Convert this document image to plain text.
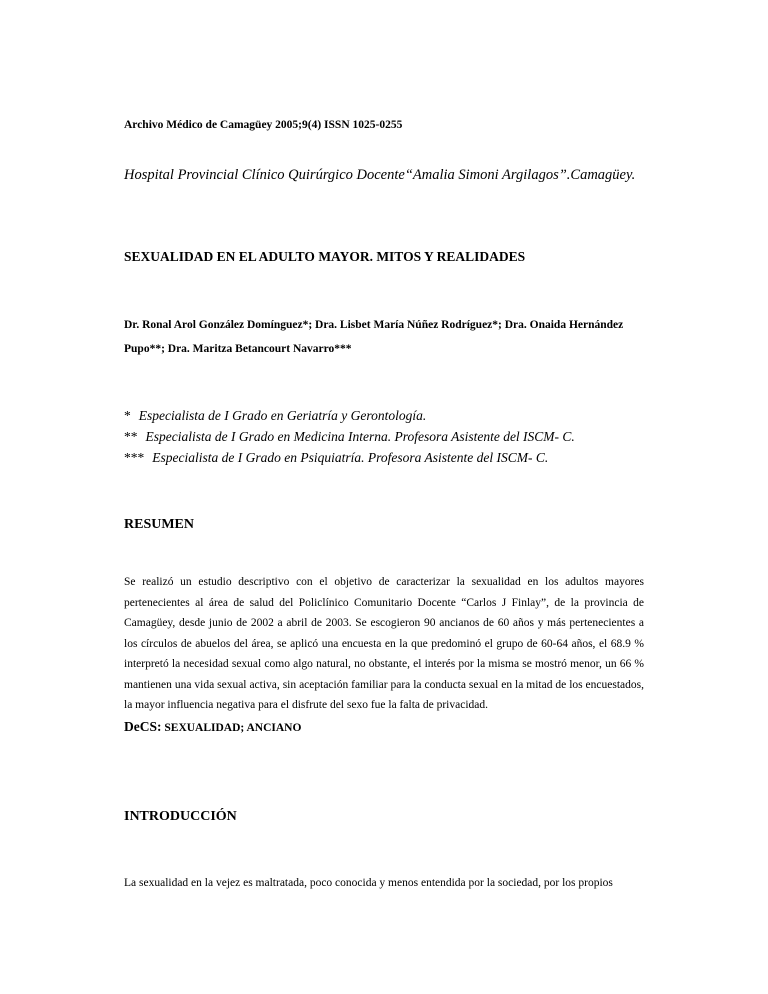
Archivo Médico de Camagüey 2005;9(4) ISSN 1025-0255

Hospital Provincial Clínico Quirúrgico Docente“Amalia Simoni Argilagos”.Camagüey.

SEXUALIDAD EN EL ADULTO MAYOR. MITOS Y REALIDADES

Dr. Ronal Arol González Domínguez*; Dra. Lisbet María Núñez Rodríguez*; Dra. Onaida Hernández Pupo**; Dra. Maritza Betancourt Navarro***

* Especialista de I Grado en Geriatría y Gerontología.

** Especialista de I Grado en Medicina Interna. Profesora Asistente del ISCM- C.

*** Especialista de I Grado en Psiquiatría. Profesora Asistente del ISCM- C.

RESUMEN

Se realizó un estudio descriptivo con el objetivo de caracterizar la sexualidad en los adultos mayores pertenecientes al área de salud del Policlínico Comunitario Docente “Carlos J Finlay”, de la provincia de Camagüey, desde junio de 2002 a abril de 2003. Se escogieron 90 ancianos de 60 años y más pertenecientes a los círculos de abuelos del área, se aplicó una encuesta en la que predominó el grupo de 60-64 años, el 68.9 % interpretó la necesidad sexual como algo natural, no obstante, el interés por la misma se mostró menor, un 66 % mantienen una vida sexual activa, sin aceptación familiar para la conducta sexual en la mitad de los encuestados, la mayor influencia negativa para el disfrute del sexo fue la falta de privacidad.

DeCS: SEXUALIDAD; ANCIANO

INTRODUCCIÓN

La sexualidad en la vejez es maltratada, poco conocida y menos entendida por la sociedad, por los propios
